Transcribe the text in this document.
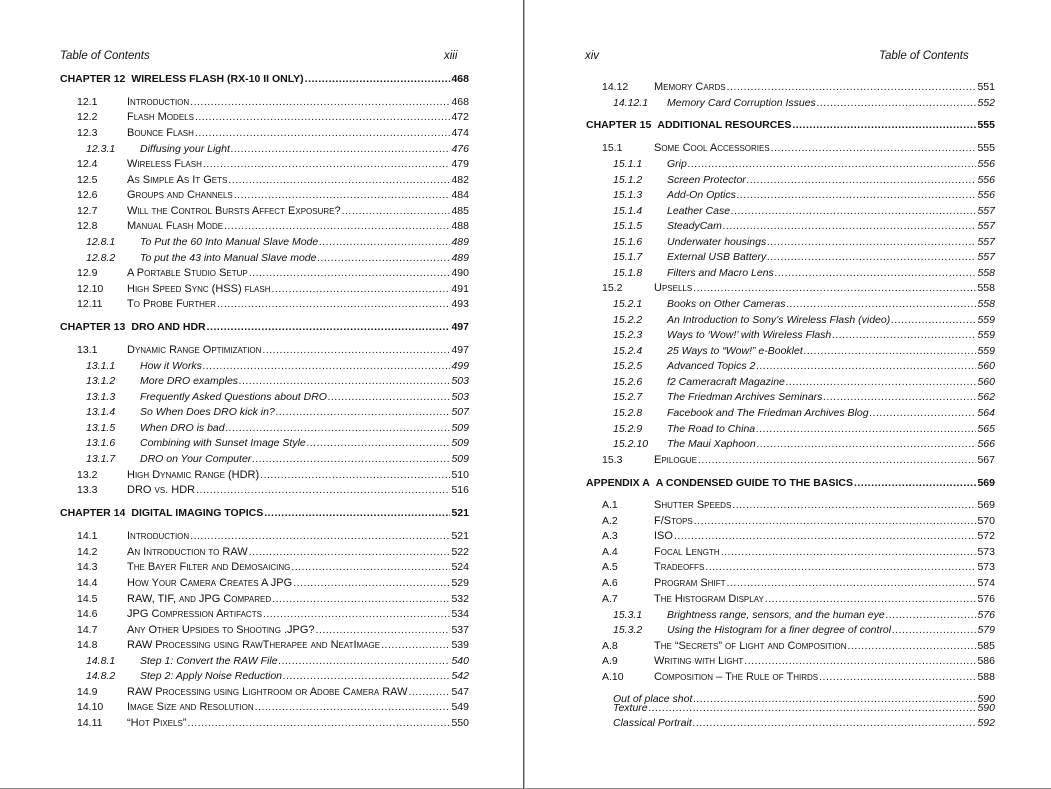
Table of Contents	xiii
CHAPTER 12 WIRELESS FLASH (RX-10 II ONLY) .....	468
12.1	Introduction .....	468
12.2	Flash Models .....	472
12.3	Bounce Flash .....	474
12.3.1	Diffusing your Light .....	476
12.4	Wireless Flash .....	479
12.5	As Simple As It Gets .....	482
12.6	Groups and Channels .....	484
12.7	Will the Control Bursts Affect Exposure? .....	485
12.8	Manual Flash Mode .....	488
12.8.1	To Put the 60 Into Manual Slave Mode .....	489
12.8.2	To put the 43 into Manual Slave mode .....	489
12.9	A Portable Studio Setup .....	490
12.10	High Speed Sync (HSS) flash .....	491
12.11	To Probe Further .....	493
CHAPTER 13 DRO AND HDR .....	497
13.1	Dynamic Range Optimization .....	497
13.1.1	How it Works .....	499
13.1.2	More DRO examples .....	503
13.1.3	Frequently Asked Questions about DRO .....	503
13.1.4	So When Does DRO kick in? .....	507
13.1.5	When DRO is bad .....	509
13.1.6	Combining with Sunset Image Style .....	509
13.1.7	DRO on Your Computer .....	509
13.2	High Dynamic Range (HDR) .....	510
13.3	DRO vs. HDR .....	516
CHAPTER 14 DIGITAL IMAGING TOPICS .....	521
14.1	Introduction .....	521
14.2	An Introduction to RAW .....	522
14.3	The Bayer Filter and Demosaicing .....	524
14.4	How Your Camera Creates A JPG .....	529
14.5	RAW, TIF, and JPG Compared .....	532
14.6	JPG Compression Artifacts .....	534
14.7	Any Other Upsides to Shooting .JPG? .....	537
14.8	RAW Processing using RawTherapee and NeatImage .....	539
14.8.1	Step 1: Convert the RAW File .....	540
14.8.2	Step 2: Apply Noise Reduction .....	542
14.9	RAW Processing using Lightroom or Adobe Camera RAW .....	547
14.10	Image Size and Resolution .....	549
14.11	“Hot Pixels” .....	550
xiv	Table of Contents
14.12	Memory Cards .....	551
14.12.1	Memory Card Corruption Issues .....	552
CHAPTER 15 ADDITIONAL RESOURCES .....	555
15.1	Some Cool Accessories .....	555
15.1.1	Grip .....	556
15.1.2	Screen Protector .....	556
15.1.3	Add-On Optics .....	556
15.1.4	Leather Case .....	557
15.1.5	SteadyCam .....	557
15.1.6	Underwater housings .....	557
15.1.7	External USB Battery .....	557
15.1.8	Filters and Macro Lens .....	558
15.2	Upsells .....	558
15.2.1	Books on Other Cameras .....	558
15.2.2	An Introduction to Sony’s Wireless Flash (video) .....	559
15.2.3	Ways to ‘Wow!’ with Wireless Flash .....	559
15.2.4	25 Ways to “Wow!” e-Booklet .....	559
15.2.5	Advanced Topics 2 .....	560
15.2.6	f2 Cameracraft Magazine .....	560
15.2.7	The Friedman Archives Seminars .....	562
15.2.8	Facebook and The Friedman Archives Blog .....	564
15.2.9	The Road to China .....	565
15.2.10	The Maui Xaphoon .....	566
15.3	Epilogue .....	567
APPENDIX A A CONDENSED GUIDE TO THE BASICS .....	569
A.1	Shutter Speeds .....	569
A.2	F/Stops .....	570
A.3	ISO .....	572
A.4	Focal Length .....	573
A.5	Tradeoffs .....	573
A.6	Program Shift .....	574
A.7	The Histogram Display .....	576
15.3.1	Brightness range, sensors, and the human eye .....	576
15.3.2	Using the Histogram for a finer degree of control .....	579
A.8	The “Secrets” of Light and Composition .....	585
A.9	Writing with Light .....	586
A.10	Composition – The Rule of Thirds .....	588
Out of place shot .....	590
Texture .....	590
Classical Portrait .....	592
